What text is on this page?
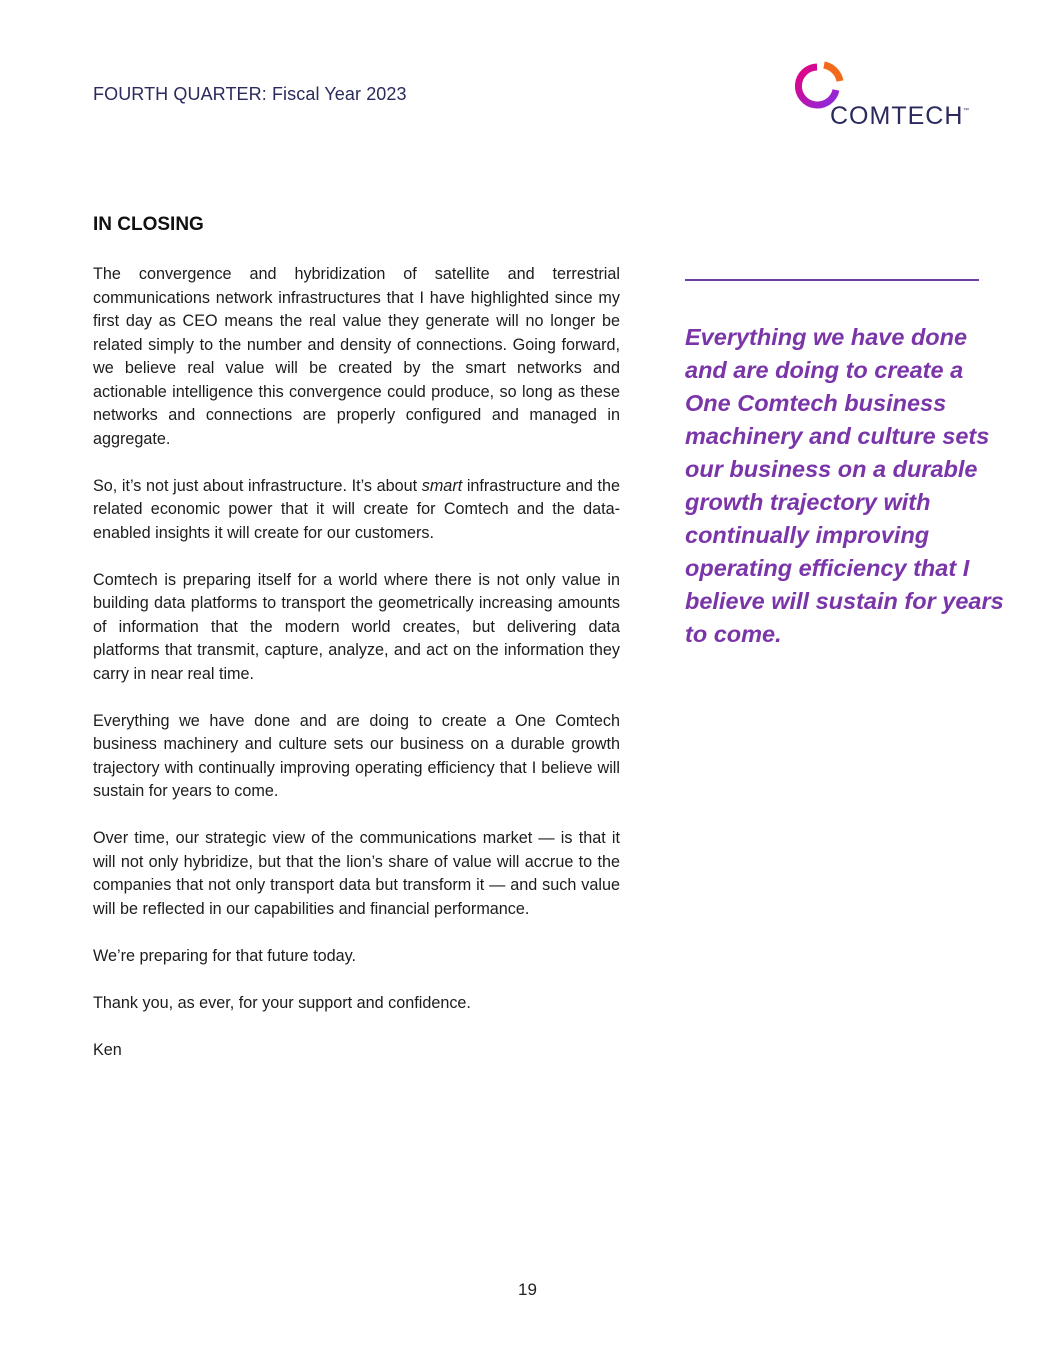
FOURTH QUARTER: Fiscal Year 2023
COMTECH ™
IN CLOSING

The convergence and hybridization of satellite and terrestrial communications network infrastructures that I have highlighted since my first day as CEO means the real value they generate will no longer be related simply to the number and density of connections. Going forward, we believe real value will be created by the smart networks and actionable intelligence this convergence could produce, so long as these networks and connections are properly configured and managed in aggregate.

So, it’s not just about infrastructure. It’s about smart infrastructure and the related economic power that it will create for Comtech and the data-enabled insights it will create for our customers.

Comtech is preparing itself for a world where there is not only value in building data platforms to transport the geometrically increasing amounts of information that the modern world creates, but delivering data platforms that transmit, capture, analyze, and act on the information they carry in near real time.

Everything we have done and are doing to create a One Comtech business machinery and culture sets our business on a durable growth trajectory with continually improving operating efficiency that I believe will sustain for years to come.

Over time, our strategic view of the communications market — is that it will not only hybridize, but that the lion’s share of value will accrue to the companies that not only transport data but transform it — and such value will be reflected in our capabilities and financial performance.

We’re preparing for that future today.

Thank you, as ever, for your support and confidence.

Ken

Everything we have done and are doing to create a One Comtech business machinery and culture sets our business on a durable growth trajectory with continually improving operating efficiency that I believe will sustain for years to come.

19
